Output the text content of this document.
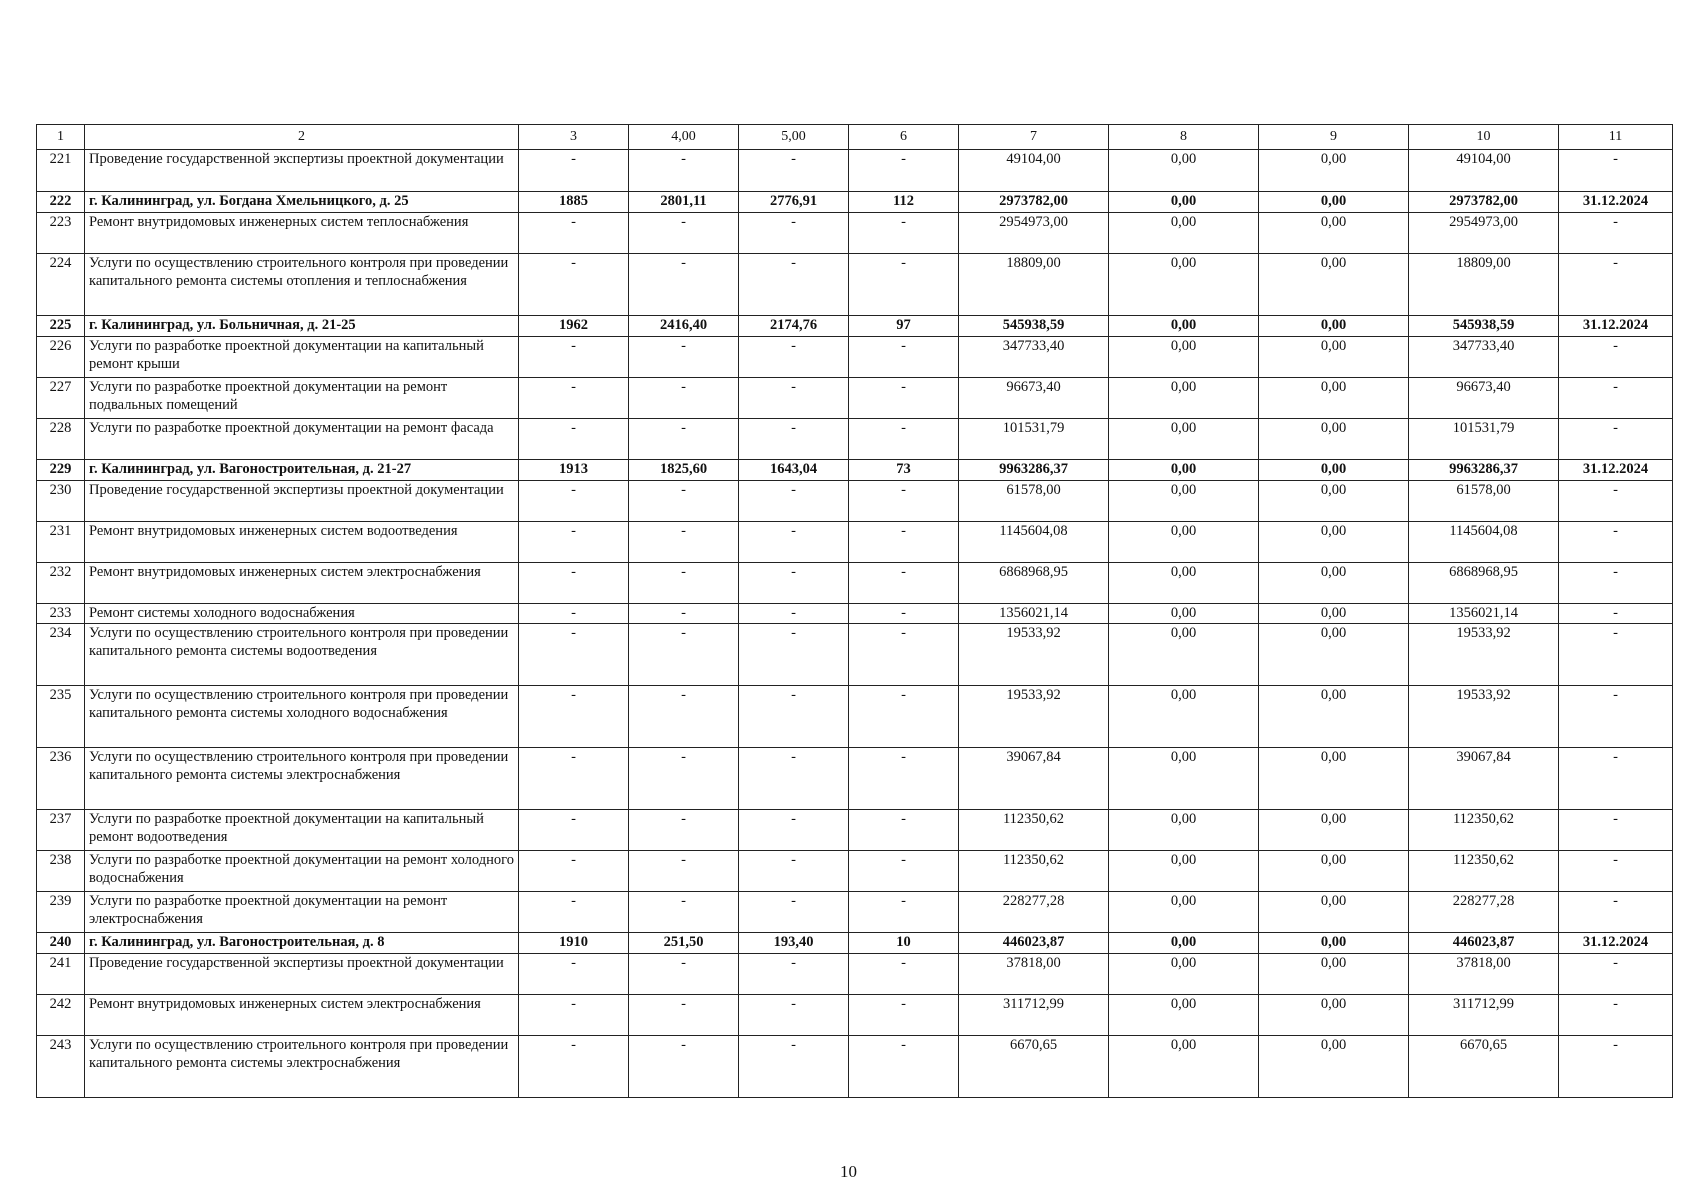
1	2	3	4,00	5,00	6	7	8	9	10	11
221	Проведение государственной экспертизы проектной документации	-	-	-	-	49104,00	0,00	0,00	49104,00	-
222	г. Калининград, ул. Богдана Хмельницкого, д. 25	1885	2801,11	2776,91	112	2973782,00	0,00	0,00	2973782,00	31.12.2024
223	Ремонт внутридомовых инженерных систем теплоснабжения	-	-	-	-	2954973,00	0,00	0,00	2954973,00	-
224	Услуги по осуществлению строительного контроля при проведении капитального ремонта системы отопления и теплоснабжения	-	-	-	-	18809,00	0,00	0,00	18809,00	-
225	г. Калининград, ул. Больничная, д. 21-25	1962	2416,40	2174,76	97	545938,59	0,00	0,00	545938,59	31.12.2024
226	Услуги по разработке проектной документации на капитальный ремонт крыши	-	-	-	-	347733,40	0,00	0,00	347733,40	-
227	Услуги по разработке проектной документации на ремонт подвальных помещений	-	-	-	-	96673,40	0,00	0,00	96673,40	-
228	Услуги по разработке проектной документации на ремонт фасада	-	-	-	-	101531,79	0,00	0,00	101531,79	-
229	г. Калининград, ул. Вагоностроительная, д. 21-27	1913	1825,60	1643,04	73	9963286,37	0,00	0,00	9963286,37	31.12.2024
230	Проведение государственной экспертизы проектной документации	-	-	-	-	61578,00	0,00	0,00	61578,00	-
231	Ремонт внутридомовых инженерных систем водоотведения	-	-	-	-	1145604,08	0,00	0,00	1145604,08	-
232	Ремонт внутридомовых инженерных систем электроснабжения	-	-	-	-	6868968,95	0,00	0,00	6868968,95	-
233	Ремонт системы холодного водоснабжения	-	-	-	-	1356021,14	0,00	0,00	1356021,14	-
234	Услуги по осуществлению строительного контроля при проведении капитального ремонта системы водоотведения	-	-	-	-	19533,92	0,00	0,00	19533,92	-
235	Услуги по осуществлению строительного контроля при проведении капитального ремонта системы холодного водоснабжения	-	-	-	-	19533,92	0,00	0,00	19533,92	-
236	Услуги по осуществлению строительного контроля при проведении капитального ремонта системы электроснабжения	-	-	-	-	39067,84	0,00	0,00	39067,84	-
237	Услуги по разработке проектной документации на капитальный ремонт водоотведения	-	-	-	-	112350,62	0,00	0,00	112350,62	-
238	Услуги по разработке проектной документации на ремонт холодного водоснабжения	-	-	-	-	112350,62	0,00	0,00	112350,62	-
239	Услуги по разработке проектной документации на ремонт электроснабжения	-	-	-	-	228277,28	0,00	0,00	228277,28	-
240	г. Калининград, ул. Вагоностроительная, д. 8	1910	251,50	193,40	10	446023,87	0,00	0,00	446023,87	31.12.2024
241	Проведение государственной экспертизы проектной документации	-	-	-	-	37818,00	0,00	0,00	37818,00	-
242	Ремонт внутридомовых инженерных систем электроснабжения	-	-	-	-	311712,99	0,00	0,00	311712,99	-
243	Услуги по осуществлению строительного контроля при проведении капитального ремонта системы электроснабжения	-	-	-	-	6670,65	0,00	0,00	6670,65	-
10
